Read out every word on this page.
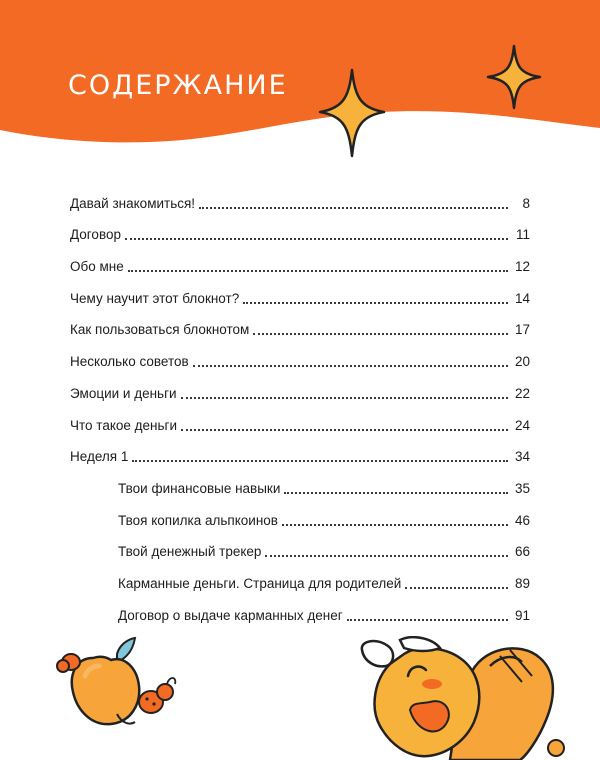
СОДЕРЖАНИЕ
Давай знакомиться!	8
Договор	11
Обо мне	12
Чему научит этот блокнот?	14
Как пользоваться блокнотом	17
Несколько советов	20
Эмоции и деньги	22
Что такое деньги	24
Неделя 1	34
Твои финансовые навыки	35
Твоя копилка альпкоинов	46
Твой денежный трекер	66
Карманные деньги. Страница для родителей	89
Договор о выдаче карманных денег	91
